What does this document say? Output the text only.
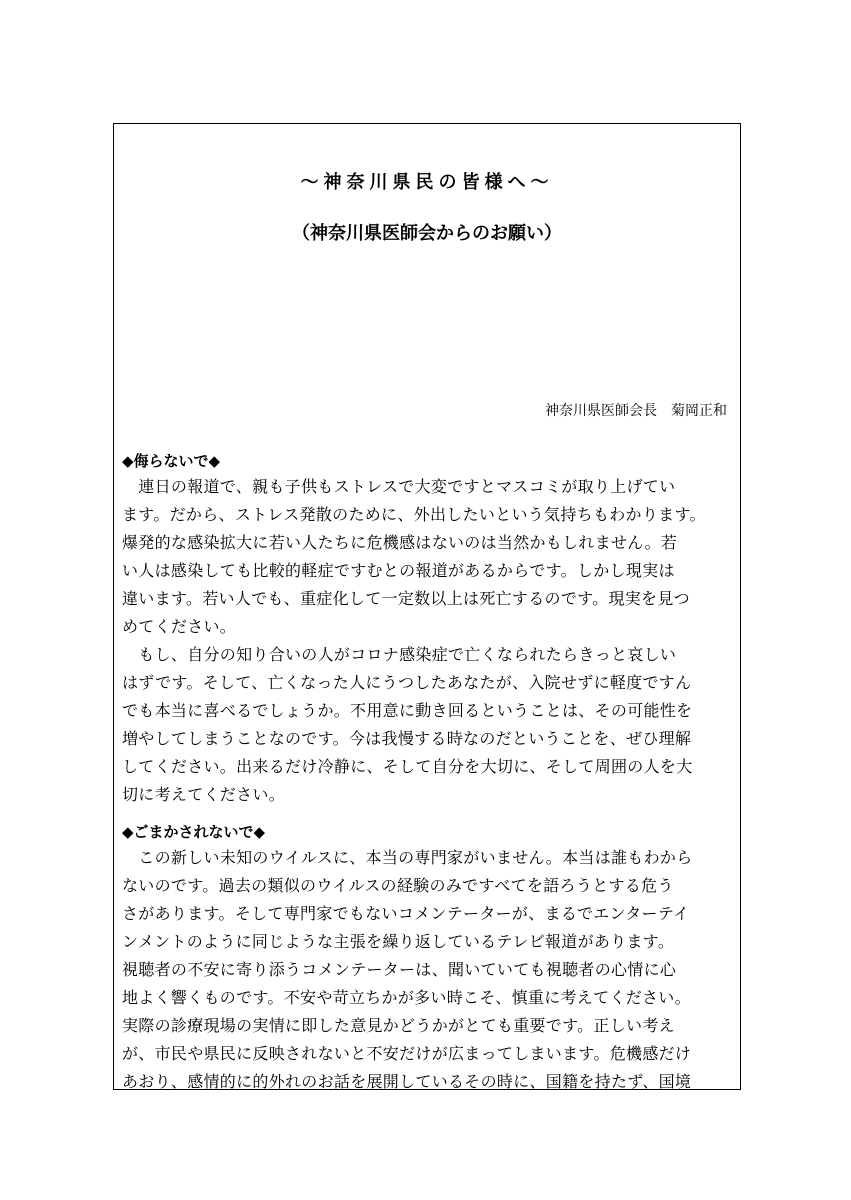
～神奈川県民の皆様へ～
（神奈川県医師会からのお願い）
神奈川県医師会長　菊岡正和
◆侮らないで◆
　連日の報道で、親も子供もストレスで大変ですとマスコミが取り上げてい
ます。だから、ストレス発散のために、外出したいという気持ちもわかります。
爆発的な感染拡大に若い人たちに危機感はないのは当然かもしれません。若
い人は感染しても比較的軽症ですむとの報道があるからです。しかし現実は
違います。若い人でも、重症化して一定数以上は死亡するのです。現実を見つ
めてください。
　もし、自分の知り合いの人がコロナ感染症で亡くなられたらきっと哀しい
はずです。そして、亡くなった人にうつしたあなたが、入院せずに軽度ですん
でも本当に喜べるでしょうか。不用意に動き回るということは、その可能性を
増やしてしまうことなのです。今は我慢する時なのだということを、ぜひ理解
してください。出来るだけ冷静に、そして自分を大切に、そして周囲の人を大
切に考えてください。
◆ごまかされないで◆
　この新しい未知のウイルスに、本当の専門家がいません。本当は誰もわから
ないのです。過去の類似のウイルスの経験のみですべてを語ろうとする危う
さがあります。そして専門家でもないコメンテーターが、まるでエンターテイ
ンメントのように同じような主張を繰り返しているテレビ報道があります。
視聴者の不安に寄り添うコメンテーターは、聞いていても視聴者の心情に心
地よく響くものです。不安や苛立ちかが多い時こそ、慎重に考えてください。
実際の診療現場の実情に即した意見かどうかがとても重要です。正しい考え
が、市民や県民に反映されないと不安だけが広まってしまいます。危機感だけ
あおり、感情的に的外れのお話を展開しているその時に、国籍を持たず、国境
